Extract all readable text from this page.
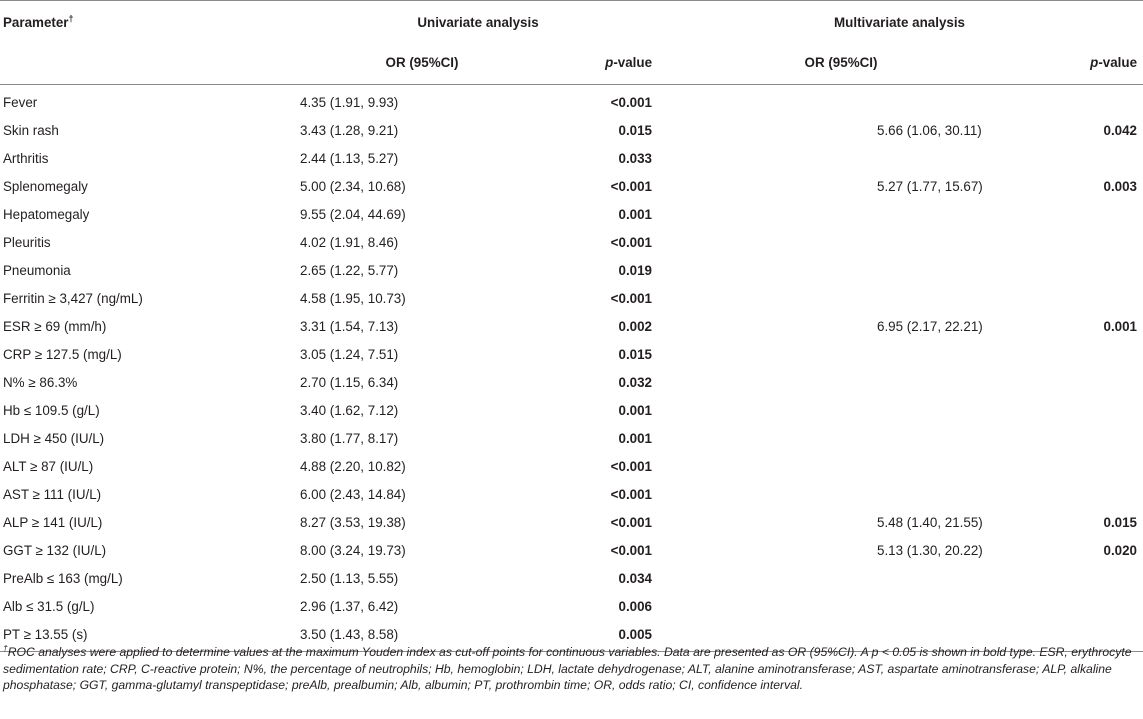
Parameter†	Univariate analysis		Multivariate analysis	
	OR (95%CI)	p-value	OR (95%CI)	p-value
Fever	4.35 (1.91, 9.93)	<0.001		
Skin rash	3.43 (1.28, 9.21)	0.015	5.66 (1.06, 30.11)	0.042
Arthritis	2.44 (1.13, 5.27)	0.033		
Splenomegaly	5.00 (2.34, 10.68)	<0.001	5.27 (1.77, 15.67)	0.003
Hepatomegaly	9.55 (2.04, 44.69)	0.001		
Pleuritis	4.02 (1.91, 8.46)	<0.001		
Pneumonia	2.65 (1.22, 5.77)	0.019		
Ferritin ≥ 3,427 (ng/mL)	4.58 (1.95, 10.73)	<0.001		
ESR ≥ 69 (mm/h)	3.31 (1.54, 7.13)	0.002	6.95 (2.17, 22.21)	0.001
CRP ≥ 127.5 (mg/L)	3.05 (1.24, 7.51)	0.015		
N% ≥ 86.3%	2.70 (1.15, 6.34)	0.032		
Hb ≤ 109.5 (g/L)	3.40 (1.62, 7.12)	0.001		
LDH ≥ 450 (IU/L)	3.80 (1.77, 8.17)	0.001		
ALT ≥ 87 (IU/L)	4.88 (2.20, 10.82)	<0.001		
AST ≥ 111 (IU/L)	6.00 (2.43, 14.84)	<0.001		
ALP ≥ 141 (IU/L)	8.27 (3.53, 19.38)	<0.001	5.48 (1.40, 21.55)	0.015
GGT ≥ 132 (IU/L)	8.00 (3.24, 19.73)	<0.001	5.13 (1.30, 20.22)	0.020
PreAlb ≤ 163 (mg/L)	2.50 (1.13, 5.55)	0.034		
Alb ≤ 31.5 (g/L)	2.96 (1.37, 6.42)	0.006		
PT ≥ 13.55 (s)	3.50 (1.43, 8.58)	0.005		
†ROC analyses were applied to determine values at the maximum Youden index as cut-off points for continuous variables. Data are presented as OR (95%CI). A p < 0.05 is shown in bold type. ESR, erythrocyte sedimentation rate; CRP, C-reactive protein; N%, the percentage of neutrophils; Hb, hemoglobin; LDH, lactate dehydrogenase; ALT, alanine aminotransferase; AST, aspartate aminotransferase; ALP, alkaline phosphatase; GGT, gamma-glutamyl transpeptidase; preAlb, prealbumin; Alb, albumin; PT, prothrombin time; OR, odds ratio; CI, confidence interval.
